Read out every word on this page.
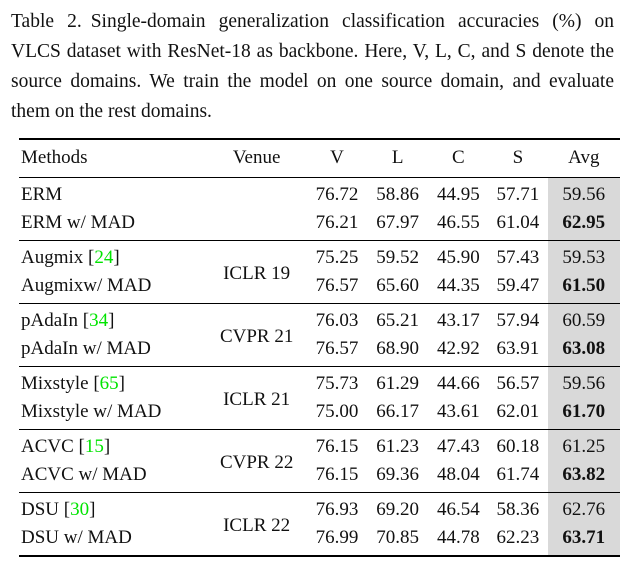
Table 2. Single-domain generalization classification accuracies (%) on VLCS dataset with ResNet-18 as backbone. Here, V, L, C, and S denote the source domains. We train the model on one source domain, and evaluate them on the rest domains.
Methods	Venue	V	L	C	S	Avg
ERM		76.72	58.86	44.95	57.71	59.56
ERM w/ MAD		76.21	67.97	46.55	61.04	62.95
Augmix [24]	ICLR 19	75.25	59.52	45.90	57.43	59.53
Augmixw/ MAD		76.57	65.60	44.35	59.47	61.50
pAdaIn [34]	CVPR 21	76.03	65.21	43.17	57.94	60.59
pAdaIn w/ MAD		76.57	68.90	42.92	63.91	63.08
Mixstyle [65]	ICLR 21	75.73	61.29	44.66	56.57	59.56
Mixstyle w/ MAD		75.00	66.17	43.61	62.01	61.70
ACVC [15]	CVPR 22	76.15	61.23	47.43	60.18	61.25
ACVC w/ MAD		76.15	69.36	48.04	61.74	63.82
DSU [30]	ICLR 22	76.93	69.20	46.54	58.36	62.76
DSU w/ MAD		76.99	70.85	44.78	62.23	63.71
